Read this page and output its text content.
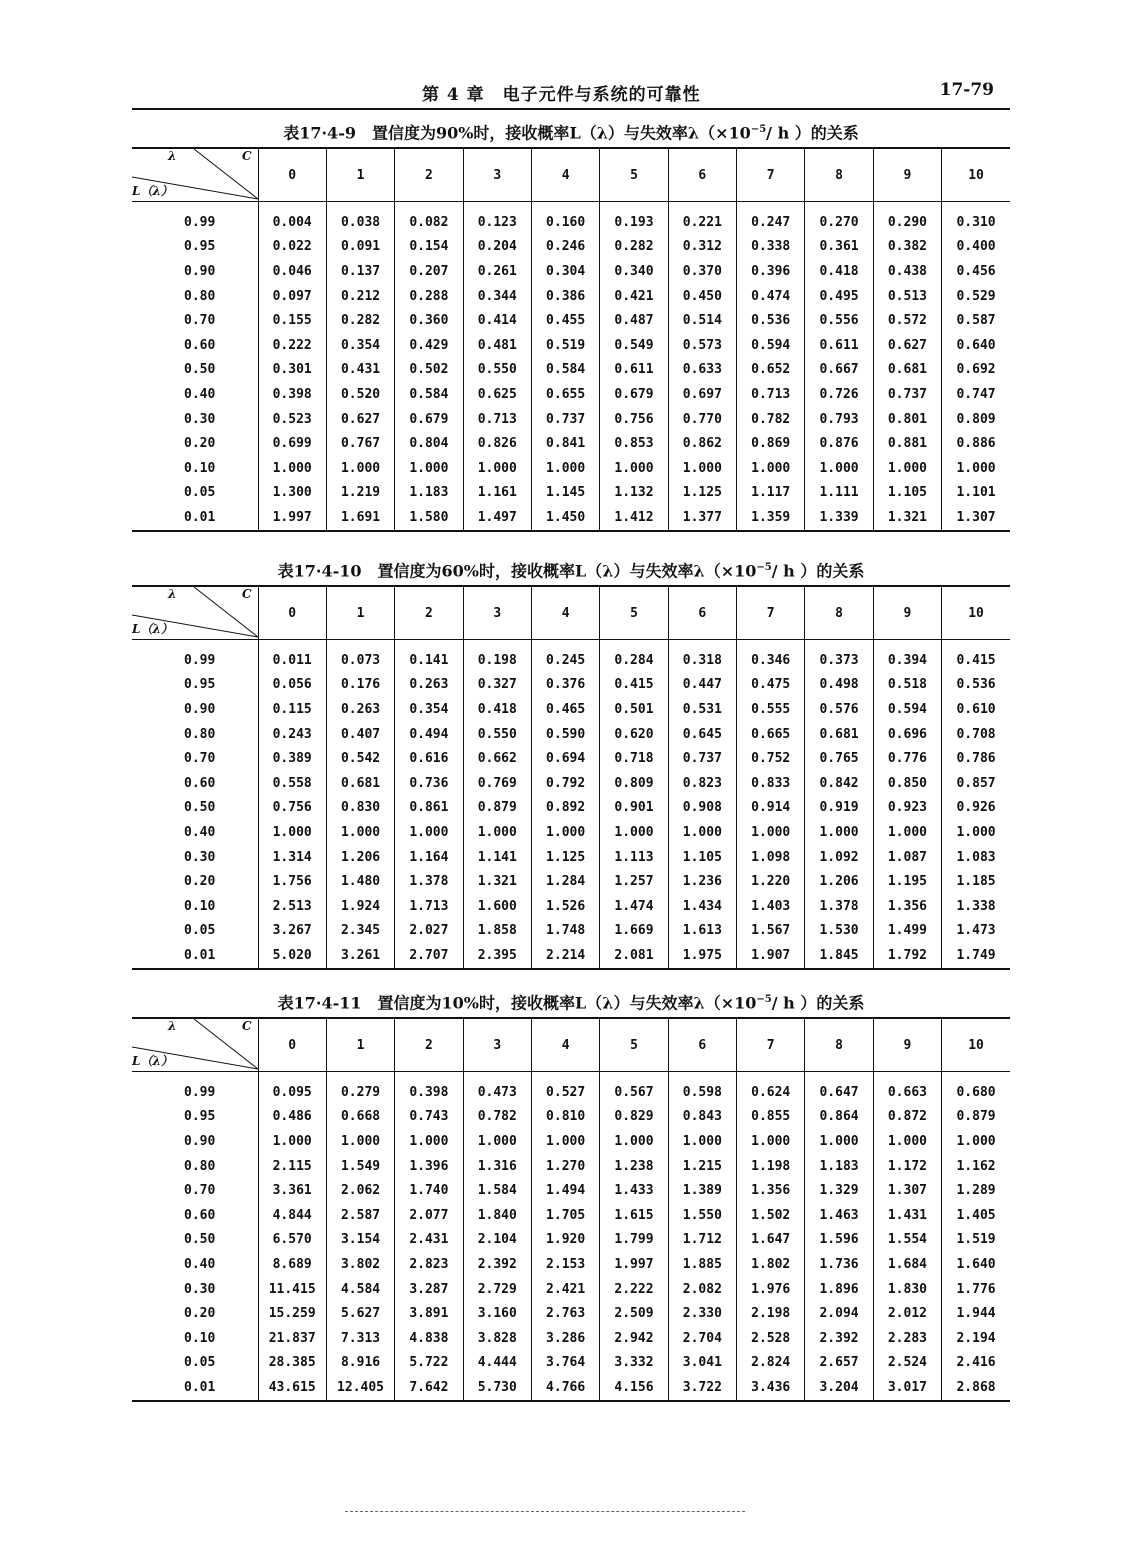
第 4 章　电子元件与系统的可靠性	17-79
表17·4-9　置信度为90%时，接收概率L（λ）与失效率$\lambda(\times 10^{-5}/$ h ）的关系
λ C
L（λ）	0	1	2	3	4	5	6	7	8	9	10
0.99	0.004	0.038	0.082	0.123	0.160	0.193	0.221	0.247	0.270	0.290	0.310
0.95	0.022	0.091	0.154	0.204	0.246	0.282	0.312	0.338	0.361	0.382	0.400
0.90	0.046	0.137	0.207	0.261	0.304	0.340	0.370	0.396	0.418	0.438	0.456
0.80	0.097	0.212	0.288	0.344	0.386	0.421	0.450	0.474	0.495	0.513	0.529
0.70	0.155	0.282	0.360	0.414	0.455	0.487	0.514	0.536	0.556	0.572	0.587
0.60	0.222	0.354	0.429	0.481	0.519	0.549	0.573	0.594	0.611	0.627	0.640
0.50	0.301	0.431	0.502	0.550	0.584	0.611	0.633	0.652	0.667	0.681	0.692
0.40	0.398	0.520	0.584	0.625	0.655	0.679	0.697	0.713	0.726	0.737	0.747
0.30	0.523	0.627	0.679	0.713	0.737	0.756	0.770	0.782	0.793	0.801	0.809
0.20	0.699	0.767	0.804	0.826	0.841	0.853	0.862	0.869	0.876	0.881	0.886
0.10	1.000	1.000	1.000	1.000	1.000	1.000	1.000	1.000	1.000	1.000	1.000
0.05	1.300	1.219	1.183	1.161	1.145	1.132	1.125	1.117	1.111	1.105	1.101
0.01	1.997	1.691	1.580	1.497	1.450	1.412	1.377	1.359	1.339	1.321	1.307
表17·4-10　置信度为60%时，接收概率L（λ）与失效率$\lambda(\times 10^{-5}/$ h ）的关系
λ C
L（λ）	0	1	2	3	4	5	6	7	8	9	10
0.99	0.011	0.073	0.141	0.198	0.245	0.284	0.318	0.346	0.373	0.394	0.415
0.95	0.056	0.176	0.263	0.327	0.376	0.415	0.447	0.475	0.498	0.518	0.536
0.90	0.115	0.263	0.354	0.418	0.465	0.501	0.531	0.555	0.576	0.594	0.610
0.80	0.243	0.407	0.494	0.550	0.590	0.620	0.645	0.665	0.681	0.696	0.708
0.70	0.389	0.542	0.616	0.662	0.694	0.718	0.737	0.752	0.765	0.776	0.786
0.60	0.558	0.681	0.736	0.769	0.792	0.809	0.823	0.833	0.842	0.850	0.857
0.50	0.756	0.830	0.861	0.879	0.892	0.901	0.908	0.914	0.919	0.923	0.926
0.40	1.000	1.000	1.000	1.000	1.000	1.000	1.000	1.000	1.000	1.000	1.000
0.30	1.314	1.206	1.164	1.141	1.125	1.113	1.105	1.098	1.092	1.087	1.083
0.20	1.756	1.480	1.378	1.321	1.284	1.257	1.236	1.220	1.206	1.195	1.185
0.10	2.513	1.924	1.713	1.600	1.526	1.474	1.434	1.403	1.378	1.356	1.338
0.05	3.267	2.345	2.027	1.858	1.748	1.669	1.613	1.567	1.530	1.499	1.473
0.01	5.020	3.261	2.707	2.395	2.214	2.081	1.975	1.907	1.845	1.792	1.749
表17·4-11　置信度为10%时，接收概率L（λ）与失效率$\lambda(\times 10^{-5}/$ h ）的关系
λ C
L（λ）	0	1	2	3	4	5	6	7	8	9	10
0.99	0.095	0.279	0.398	0.473	0.527	0.567	0.598	0.624	0.647	0.663	0.680
0.95	0.486	0.668	0.743	0.782	0.810	0.829	0.843	0.855	0.864	0.872	0.879
0.90	1.000	1.000	1.000	1.000	1.000	1.000	1.000	1.000	1.000	1.000	1.000
0.80	2.115	1.549	1.396	1.316	1.270	1.238	1.215	1.198	1.183	1.172	1.162
0.70	3.361	2.062	1.740	1.584	1.494	1.433	1.389	1.356	1.329	1.307	1.289
0.60	4.844	2.587	2.077	1.840	1.705	1.615	1.550	1.502	1.463	1.431	1.405
0.50	6.570	3.154	2.431	2.104	1.920	1.799	1.712	1.647	1.596	1.554	1.519
0.40	8.689	3.802	2.823	2.392	2.153	1.997	1.885	1.802	1.736	1.684	1.640
0.30	11.415	4.584	3.287	2.729	2.421	2.222	2.082	1.976	1.896	1.830	1.776
0.20	15.259	5.627	3.891	3.160	2.763	2.509	2.330	2.198	2.094	2.012	1.944
0.10	21.837	7.313	4.838	3.828	3.286	2.942	2.704	2.528	2.392	2.283	2.194
0.05	28.385	8.916	5.722	4.444	3.764	3.332	3.041	2.824	2.657	2.524	2.416
0.01	43.615	12.405	7.642	5.730	4.766	4.156	3.722	3.436	3.204	3.017	2.868
